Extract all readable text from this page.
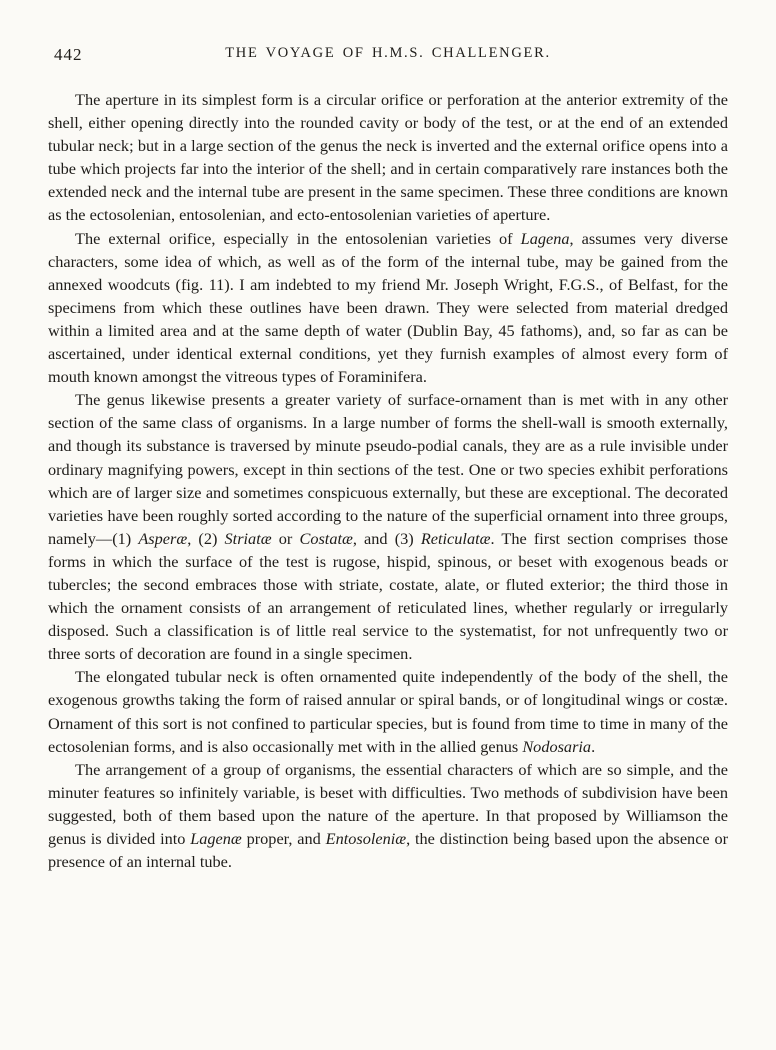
442	THE VOYAGE OF H.M.S. CHALLENGER.

The aperture in its simplest form is a circular orifice or perforation at the anterior extremity of the shell, either opening directly into the rounded cavity or body of the test, or at the end of an extended tubular neck; but in a large section of the genus the neck is inverted and the external orifice opens into a tube which projects far into the interior of the shell; and in certain comparatively rare instances both the extended neck and the internal tube are present in the same specimen. These three conditions are known as the ectosolenian, entosolenian, and ecto-entosolenian varieties of aperture.

The external orifice, especially in the entosolenian varieties of Lagena, assumes very diverse characters, some idea of which, as well as of the form of the internal tube, may be gained from the annexed woodcuts (fig. 11). I am indebted to my friend Mr. Joseph Wright, F.G.S., of Belfast, for the specimens from which these outlines have been drawn. They were selected from material dredged within a limited area and at the same depth of water (Dublin Bay, 45 fathoms), and, so far as can be ascertained, under identical external conditions, yet they furnish examples of almost every form of mouth known amongst the vitreous types of Foraminifera.

The genus likewise presents a greater variety of surface-ornament than is met with in any other section of the same class of organisms. In a large number of forms the shell-wall is smooth externally, and though its substance is traversed by minute pseudo-podial canals, they are as a rule invisible under ordinary magnifying powers, except in thin sections of the test. One or two species exhibit perforations which are of larger size and sometimes conspicuous externally, but these are exceptional. The decorated varieties have been roughly sorted according to the nature of the superficial ornament into three groups, namely—(1) Asperæ, (2) Striatæ or Costatæ, and (3) Reticulatæ. The first section comprises those forms in which the surface of the test is rugose, hispid, spinous, or beset with exogenous beads or tubercles; the second embraces those with striate, costate, alate, or fluted exterior; the third those in which the ornament consists of an arrangement of reticulated lines, whether regularly or irregularly disposed. Such a classification is of little real service to the systematist, for not unfrequently two or three sorts of decoration are found in a single specimen.

The elongated tubular neck is often ornamented quite independently of the body of the shell, the exogenous growths taking the form of raised annular or spiral bands, or of longitudinal wings or costæ. Ornament of this sort is not confined to particular species, but is found from time to time in many of the ectosolenian forms, and is also occasionally met with in the allied genus Nodosaria.

The arrangement of a group of organisms, the essential characters of which are so simple, and the minuter features so infinitely variable, is beset with difficulties. Two methods of subdivision have been suggested, both of them based upon the nature of the aperture. In that proposed by Williamson the genus is divided into Lagenæ proper, and Entosoleniæ, the distinction being based upon the absence or presence of an internal tube.
